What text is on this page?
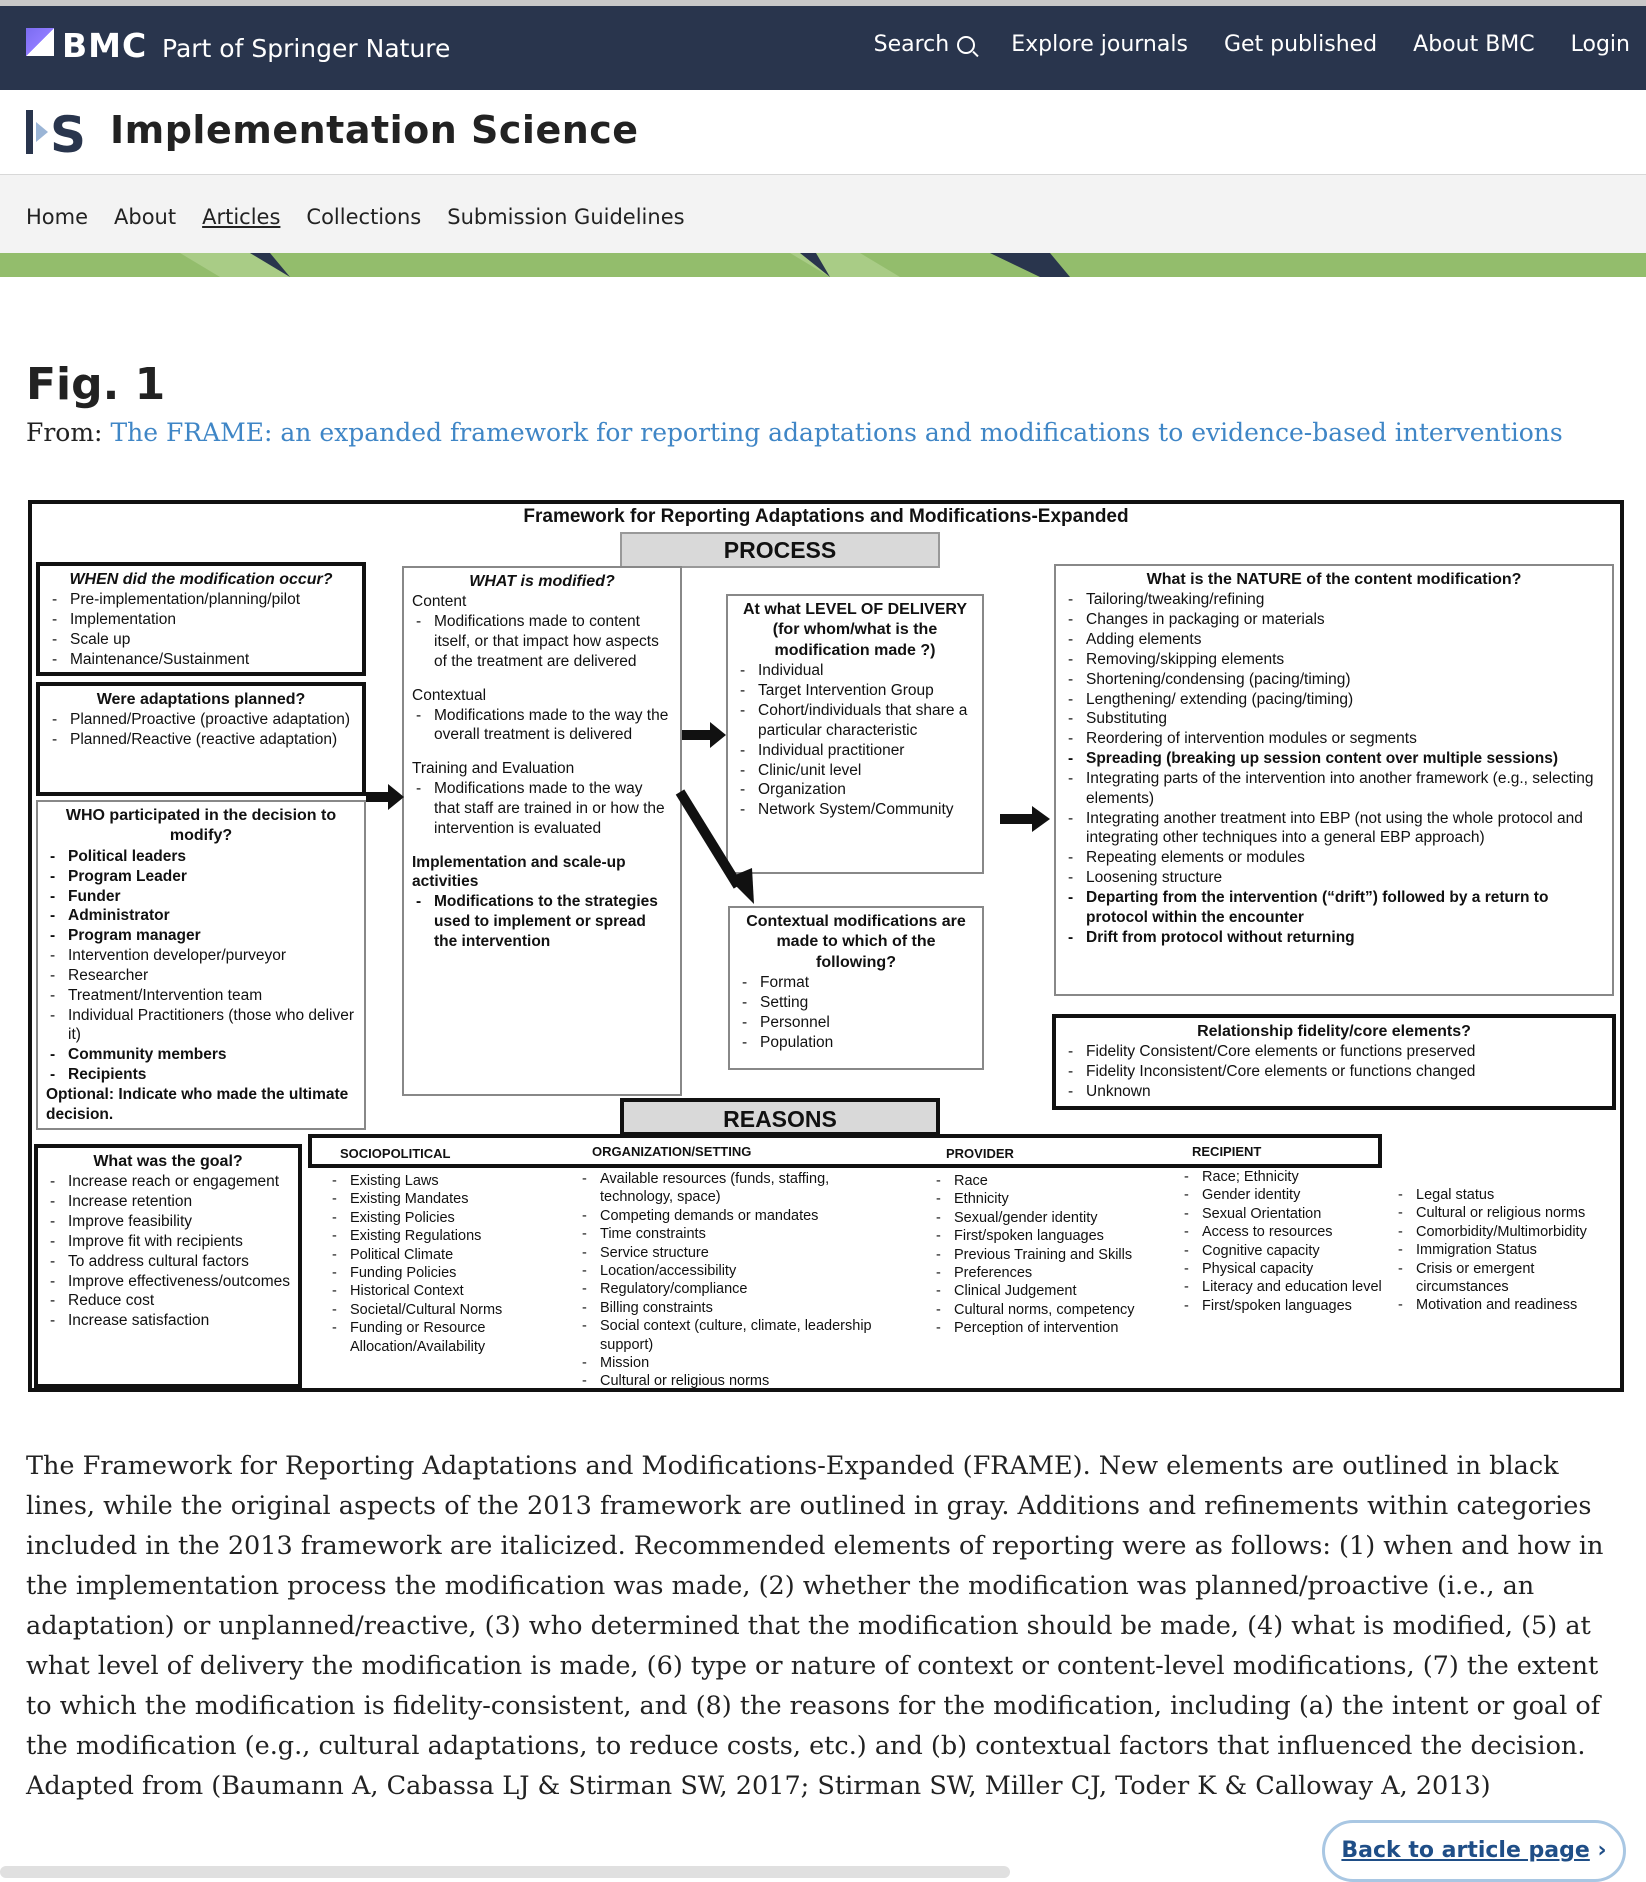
BMC Part of Springer Nature	Search	Explore journals Get published About BMC Login
S Implementation Science
Home About Articles Collections Submission Guidelines
Fig. 1
From: The FRAME: an expanded framework for reporting adaptations and modifications to evidence-based interventions
Framework for Reporting Adaptations and Modifications-Expanded
PROCESS
WHEN did the modification occur?
- Pre-implementation/planning/pilot
- Implementation
- Scale up
- Maintenance/Sustainment
Were adaptations planned?
- Planned/Proactive (proactive adaptation)
- Planned/Reactive (reactive adaptation)
WHO participated in the decision to modify?
- Political leaders
- Program Leader
- Funder
- Administrator
- Program manager
- Intervention developer/purveyor
- Researcher
- Treatment/Intervention team
- Individual Practitioners (those who deliver it)
- Community members
- Recipients
Optional: Indicate who made the ultimate decision.
WHAT is modified?
Content
- Modifications made to content itself, or that impact how aspects of the treatment are delivered
Contextual
- Modifications made to the way the overall treatment is delivered
Training and Evaluation
- Modifications made to the way that staff are trained in or how the intervention is evaluated
Implementation and scale-up activities
- Modifications to the strategies used to implement or spread the intervention
At what LEVEL OF DELIVERY (for whom/what is the modification made ?)
- Individual
- Target Intervention Group
- Cohort/individuals that share a particular characteristic
- Individual practitioner
- Clinic/unit level
- Organization
- Network System/Community
Contextual modifications are made to which of the following?
- Format
- Setting
- Personnel
- Population
What is the NATURE of the content modification?
- Tailoring/tweaking/refining
- Changes in packaging or materials
- Adding elements
- Removing/skipping elements
- Shortening/condensing (pacing/timing)
- Lengthening/ extending (pacing/timing)
- Substituting
- Reordering of intervention modules or segments
- Spreading (breaking up session content over multiple sessions)
- Integrating parts of the intervention into another framework (e.g., selecting elements)
- Integrating another treatment into EBP (not using the whole protocol and integrating other techniques into a general EBP approach)
- Repeating elements or modules
- Loosening structure
- Departing from the intervention (“drift”) followed by a return to protocol within the encounter
- Drift from protocol without returning
Relationship fidelity/core elements?
- Fidelity Consistent/Core elements or functions preserved
- Fidelity Inconsistent/Core elements or functions changed
- Unknown
REASONS
What was the goal?
- Increase reach or engagement
- Increase retention
- Improve feasibility
- Improve fit with recipients
- To address cultural factors
- Improve effectiveness/outcomes
- Reduce cost
- Increase satisfaction
SOCIOPOLITICAL	ORGANIZATION/SETTING	PROVIDER	RECIPIENT
- Existing Laws
- Existing Mandates
- Existing Policies
- Existing Regulations
- Political Climate
- Funding Policies
- Historical Context
- Societal/Cultural Norms
- Funding or Resource Allocation/Availability
- Available resources (funds, staffing, technology, space)
- Competing demands or mandates
- Time constraints
- Service structure
- Location/accessibility
- Regulatory/compliance
- Billing constraints
- Social context (culture, climate, leadership support)
- Mission
- Cultural or religious norms
- Race
- Ethnicity
- Sexual/gender identity
- First/spoken languages
- Previous Training and Skills
- Preferences
- Clinical Judgement
- Cultural norms, competency
- Perception of intervention
- Race; Ethnicity
- Gender identity
- Sexual Orientation
- Access to resources
- Cognitive capacity
- Physical capacity
- Literacy and education level
- First/spoken languages
- Legal status
- Cultural or religious norms
- Comorbidity/Multimorbidity
- Immigration Status
- Crisis or emergent circumstances
- Motivation and readiness

The Framework for Reporting Adaptations and Modifications-Expanded (FRAME). New elements are outlined in black lines, while the original aspects of the 2013 framework are outlined in gray. Additions and refinements within categories included in the 2013 framework are italicized. Recommended elements of reporting were as follows: (1) when and how in the implementation process the modification was made, (2) whether the modification was planned/proactive (i.e., an adaptation) or unplanned/reactive, (3) who determined that the modification should be made, (4) what is modified, (5) at what level of delivery the modification is made, (6) type or nature of context or content-level modifications, (7) the extent to which the modification is fidelity-consistent, and (8) the reasons for the modification, including (a) the intent or goal of the modification (e.g., cultural adaptations, to reduce costs, etc.) and (b) contextual factors that influenced the decision. Adapted from (Baumann A, Cabassa LJ & Stirman SW, 2017; Stirman SW, Miller CJ, Toder K & Calloway A, 2013)

Back to article page ›
